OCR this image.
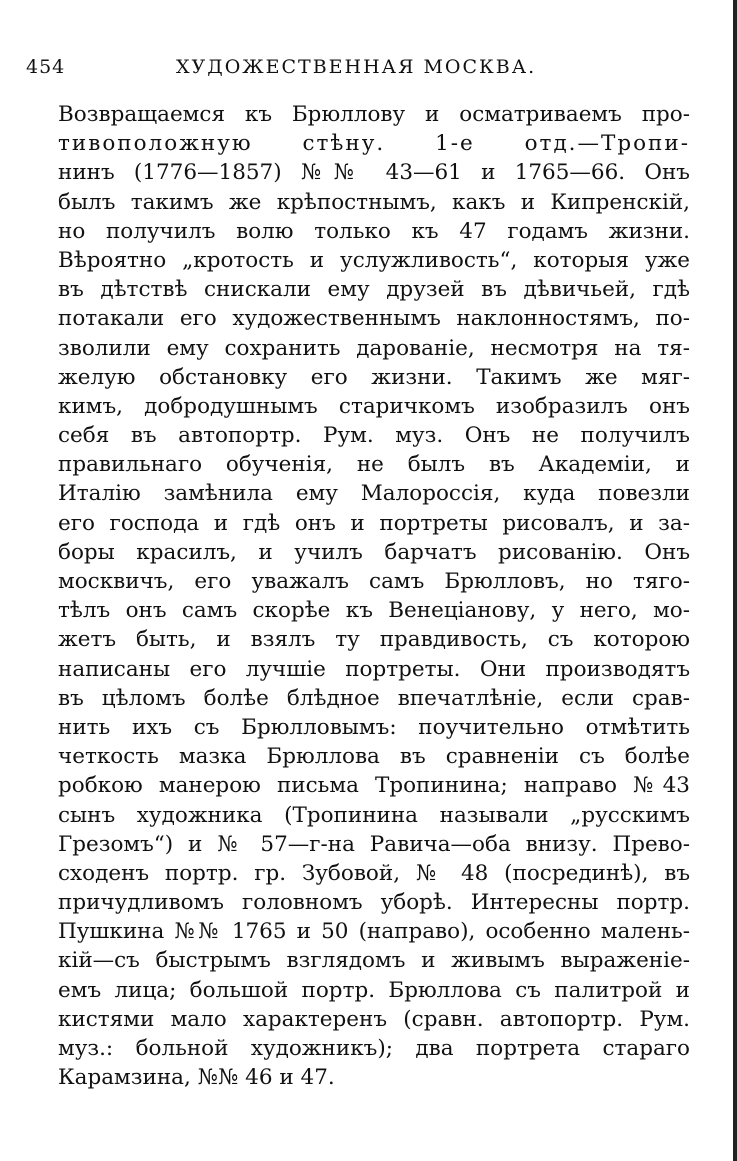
454	ХУДОЖЕСТВЕННАЯ МОСКВА.
Возвращаемся къ Брюллову и осматриваемъ про-
тивоположную стѣну. 1-е отд.—Тропи-
нинъ (1776—1857) №№ 43—61 и 1765—66. Онъ
былъ такимъ же крѣпостнымъ, какъ и Кипренскій,
но получилъ волю только къ 47 годамъ жизни.
Вѣроятно „кротость и услужливость“, которыя уже
въ дѣтствѣ снискали ему друзей въ дѣвичьей, гдѣ
потакали его художественнымъ наклонностямъ, по-
зволили ему сохранить дарованіе, несмотря на тя-
желую обстановку его жизни. Такимъ же мяг-
кимъ, добродушнымъ старичкомъ изобразилъ онъ
себя въ автопортр. Рум. муз. Онъ не получилъ
правильнаго обученія, не былъ въ Академіи, и
Италію замѣнила ему Малороссія, куда повезли
его господа и гдѣ онъ и портреты рисовалъ, и за-
боры красилъ, и училъ барчатъ рисованію. Онъ
москвичъ, его уважалъ самъ Брюлловъ, но тяго-
тѣлъ онъ самъ скорѣе къ Венеціанову, у него, мо-
жетъ быть, и взялъ ту правдивость, съ которою
написаны его лучшіе портреты. Они производятъ
въ цѣломъ болѣе блѣдное впечатлѣніе, если срав-
нить ихъ съ Брюлловымъ: поучительно отмѣтить
четкость мазка Брюллова въ сравненіи съ болѣе
робкою манерою письма Тропинина; направо №43
сынъ художника (Тропинина называли „русскимъ
Грезомъ“) и № 57—г-на Равича—оба внизу. Прево-
сходенъ портр. гр. Зубовой, № 48 (посрединѣ), въ
причудливомъ головномъ уборѣ. Интересны портр.
Пушкина №№ 1765 и 50 (направо), особенно малень-
кій—съ быстрымъ взглядомъ и живымъ выраженіе-
емъ лица; большой портр. Брюллова съ палитрой и
кистями мало характеренъ (сравн. автопортр. Рум.
муз.: больной художникъ); два портрета стараго
Карамзина, №№ 46 и 47.
